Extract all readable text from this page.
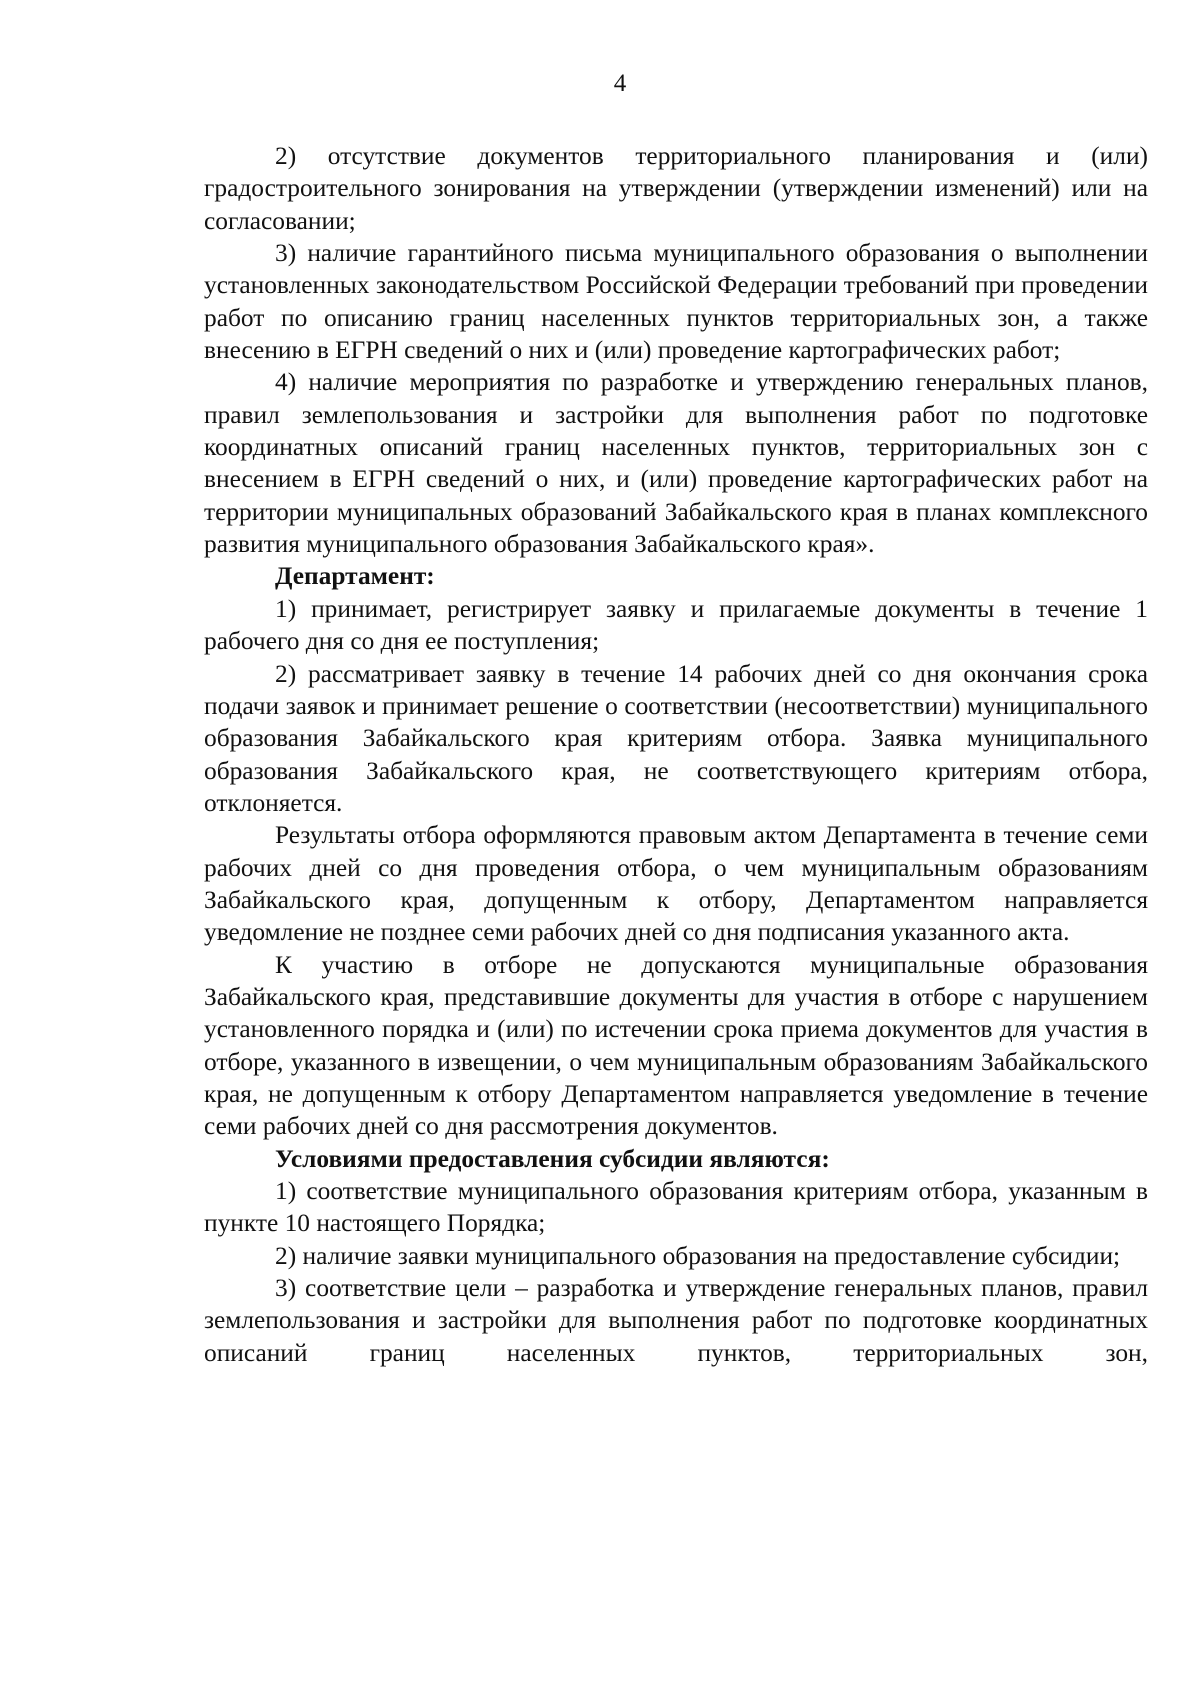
4

2) отсутствие документов территориального планирования и (или) градостроительного зонирования на утверждении (утверждении изменений) или на согласовании;

3) наличие гарантийного письма муниципального образования о выполнении установленных законодательством Российской Федерации требований при проведении работ по описанию границ населенных пунктов территориальных зон, а также внесению в ЕГРН сведений о них и (или) проведение картографических работ;

4) наличие мероприятия по разработке и утверждению генеральных планов, правил землепользования и застройки для выполнения работ по подготовке координатных описаний границ населенных пунктов, территориальных зон с внесением в ЕГРН сведений о них, и (или) проведение картографических работ на территории муниципальных образований Забайкальского края в планах комплексного развития муниципального образования Забайкальского края».

Департамент:

1) принимает, регистрирует заявку и прилагаемые документы в течение 1 рабочего дня со дня ее поступления;

2) рассматривает заявку в течение 14 рабочих дней со дня окончания срока подачи заявок и принимает решение о соответствии (несоответствии) муниципального образования Забайкальского края критериям отбора. Заявка муниципального образования Забайкальского края, не соответствующего критериям отбора, отклоняется.

Результаты отбора оформляются правовым актом Департамента в течение семи рабочих дней со дня проведения отбора, о чем муниципальным образованиям Забайкальского края, допущенным к отбору, Департаментом направляется уведомление не позднее семи рабочих дней со дня подписания указанного акта.

К участию в отборе не допускаются муниципальные образования Забайкальского края, представившие документы для участия в отборе с нарушением установленного порядка и (или) по истечении срока приема документов для участия в отборе, указанного в извещении, о чем муниципальным образованиям Забайкальского края, не допущенным к отбору Департаментом направляется уведомление в течение семи рабочих дней со дня рассмотрения документов.

Условиями предоставления субсидии являются:

1) соответствие муниципального образования критериям отбора, указанным в пункте 10 настоящего Порядка;

2) наличие заявки муниципального образования на предоставление субсидии;

3) соответствие цели – разработка и утверждение генеральных планов, правил землепользования и застройки для выполнения работ по подготовке координатных описаний границ населенных пунктов, территориальных зон,
